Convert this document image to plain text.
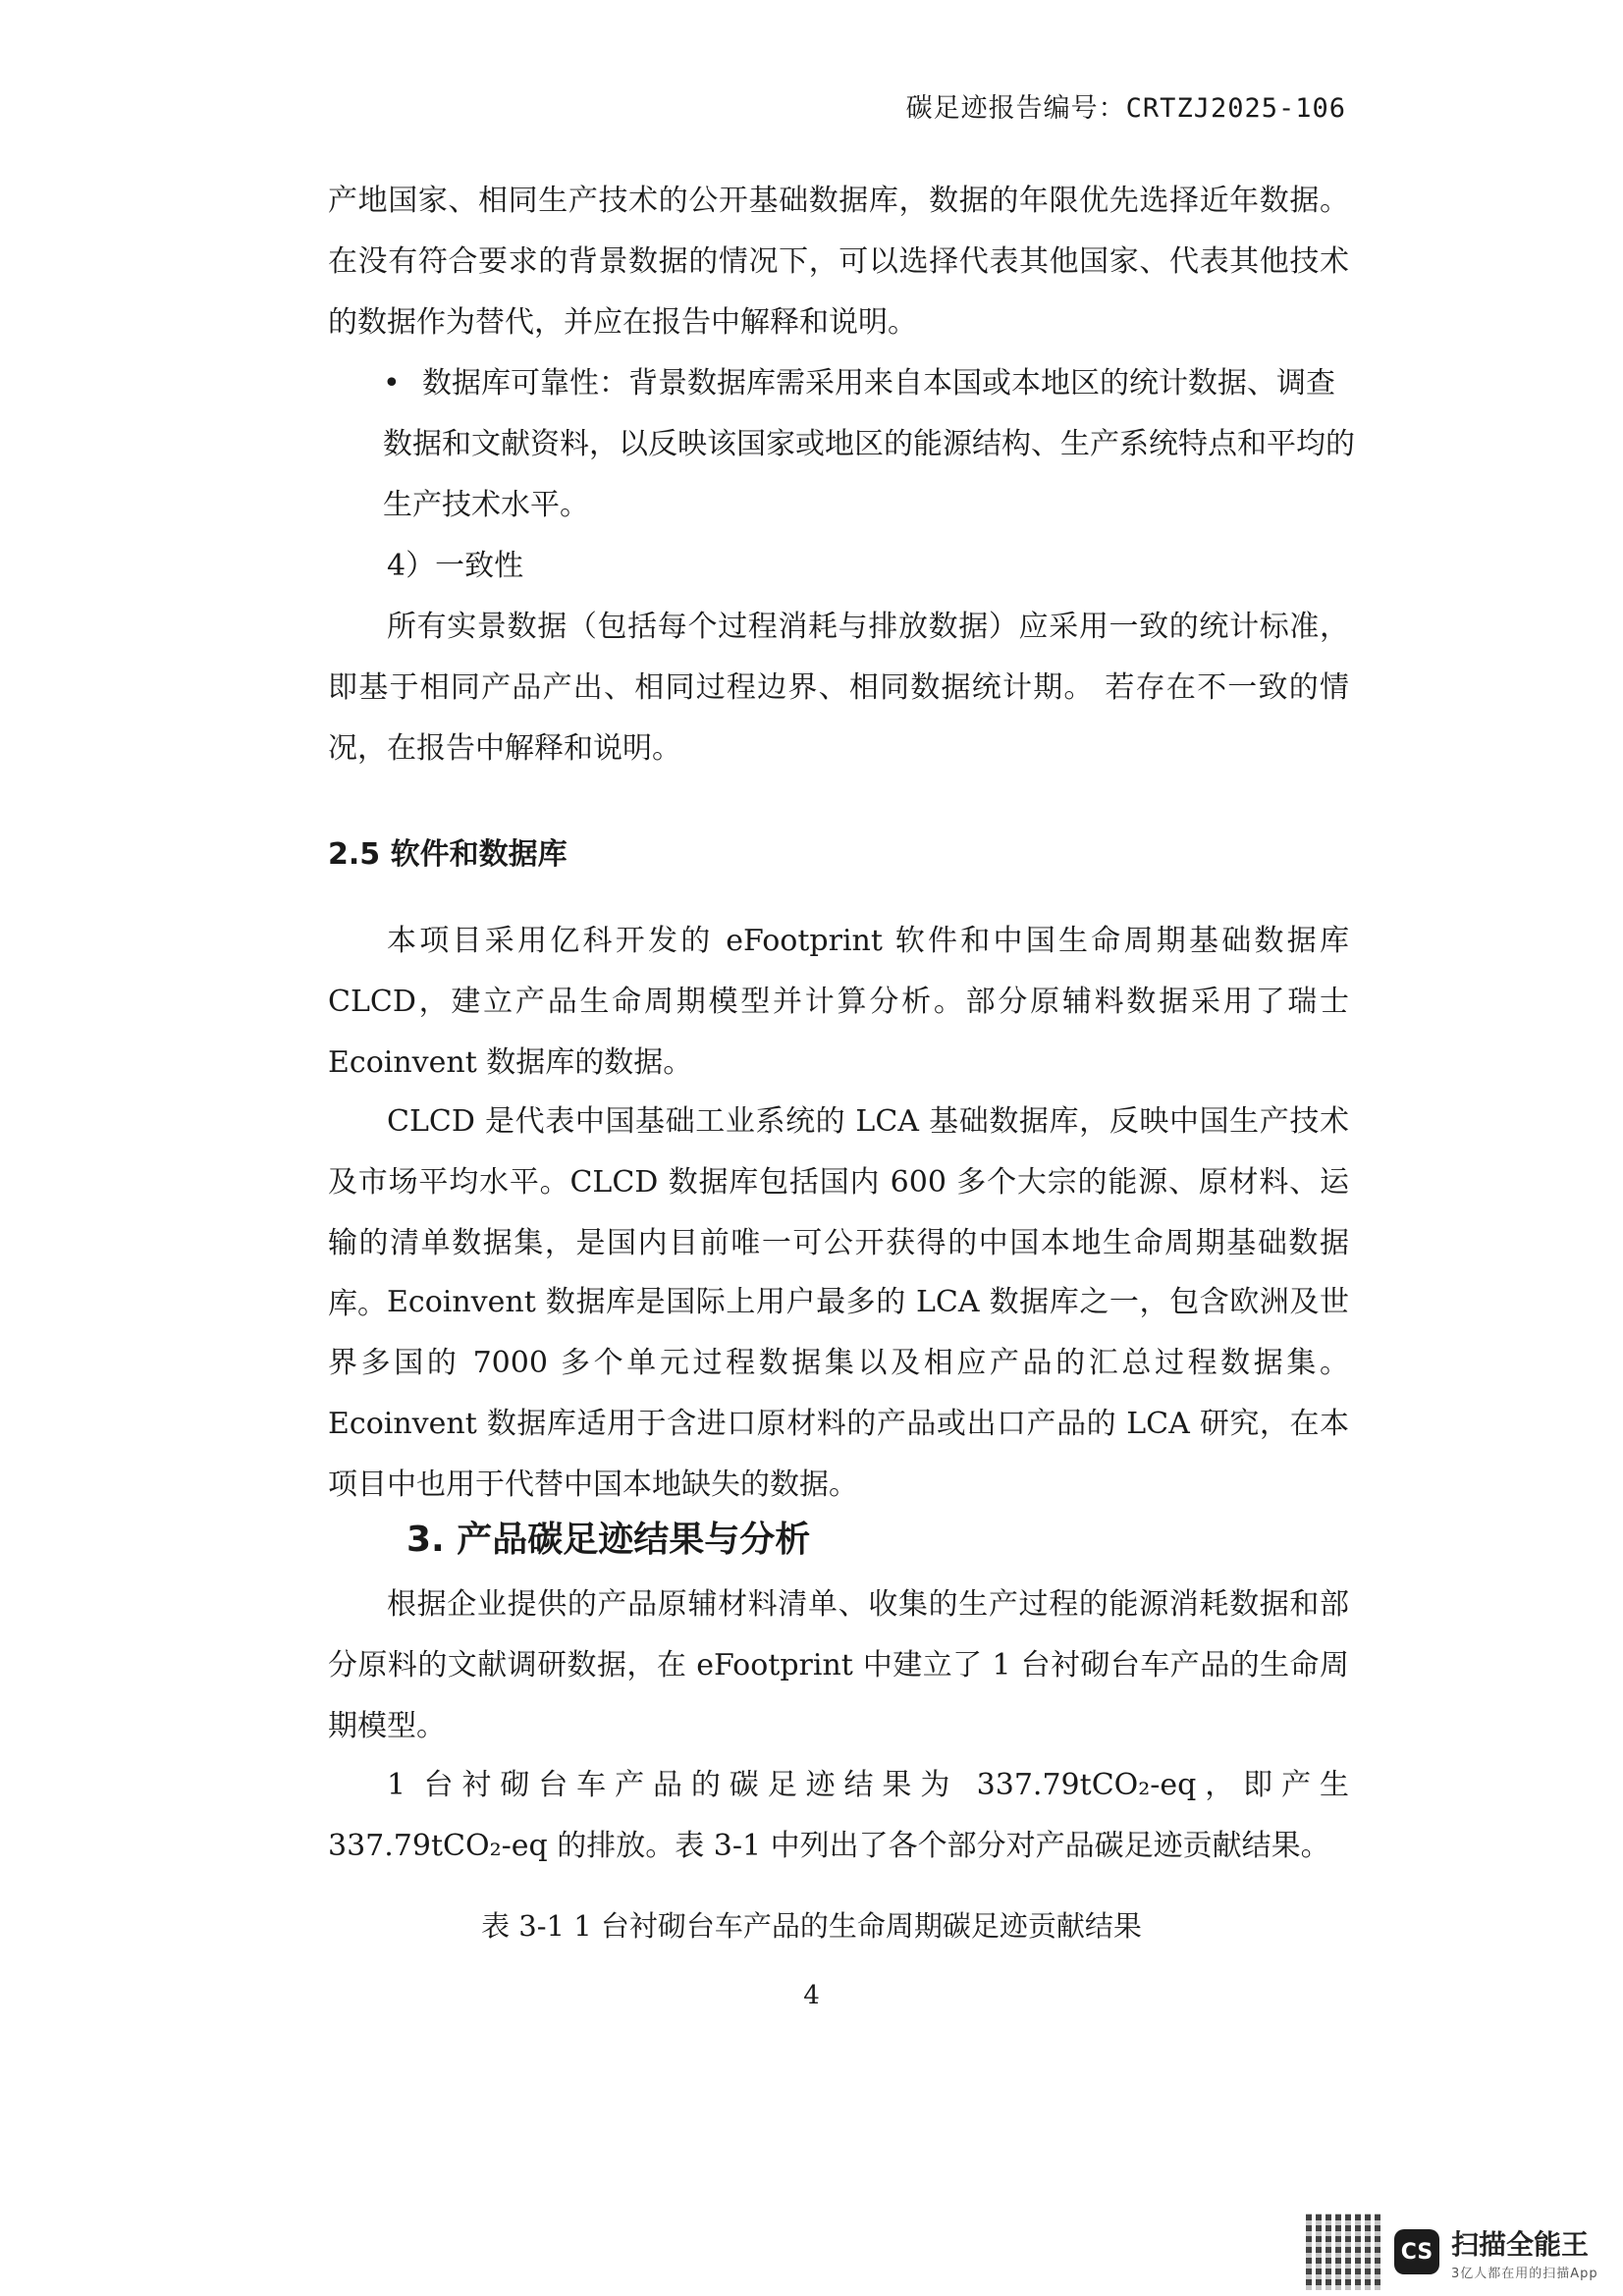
碳足迹报告编号：CRTZJ2025-106
产地国家、相同生产技术的公开基础数据库，数据的年限优先选择近年数据。在没有符合要求的背景数据的情况下，可以选择代表其他国家、代表其他技术的数据作为替代，并应在报告中解释和说明。
• 数据库可靠性：背景数据库需采用来自本国或本地区的统计数据、调查数据和文献资料，以反映该国家或地区的能源结构、生产系统特点和平均的生产技术水平。
4）一致性
所有实景数据（包括每个过程消耗与排放数据）应采用一致的统计标准，即基于相同产品产出、相同过程边界、相同数据统计期。 若存在不一致的情况，在报告中解释和说明。
2.5 软件和数据库
本项目采用亿科开发的 eFootprint 软件和中国生命周期基础数据库 CLCD，建立产品生命周期模型并计算分析。部分原辅料数据采用了瑞士 Ecoinvent 数据库的数据。
CLCD 是代表中国基础工业系统的 LCA 基础数据库，反映中国生产技术及市场平均水平。CLCD 数据库包括国内 600 多个大宗的能源、原材料、运输的清单数据集，是国内目前唯一可公开获得的中国本地生命周期基础数据库。 Ecoinvent 数据库是国际上用户最多的 LCA 数据库之一，包含欧洲及世界多国的 7000 多个单元过程数据集以及相应产品的汇总过程数据集。Ecoinvent 数据库适用于含进口原材料的产品或出口产品的 LCA 研究，在本项目中也用于代替中国本地缺失的数据。
3. 产品碳足迹结果与分析
根据企业提供的产品原辅材料清单、收集的生产过程的能源消耗数据和部分原料的文献调研数据，在 eFootprint 中建立了 1 台衬砌台车产品的生命周期模型。
1 台衬砌台车产品的碳足迹结果为 337.79tCO₂-eq，即产生 337.79tCO₂-eq 的排放。表 3-1 中列出了各个部分对产品碳足迹贡献结果。
表 3-1 1 台衬砌台车产品的生命周期碳足迹贡献结果
4
CS 扫描全能王
3亿人都在用的扫描App
